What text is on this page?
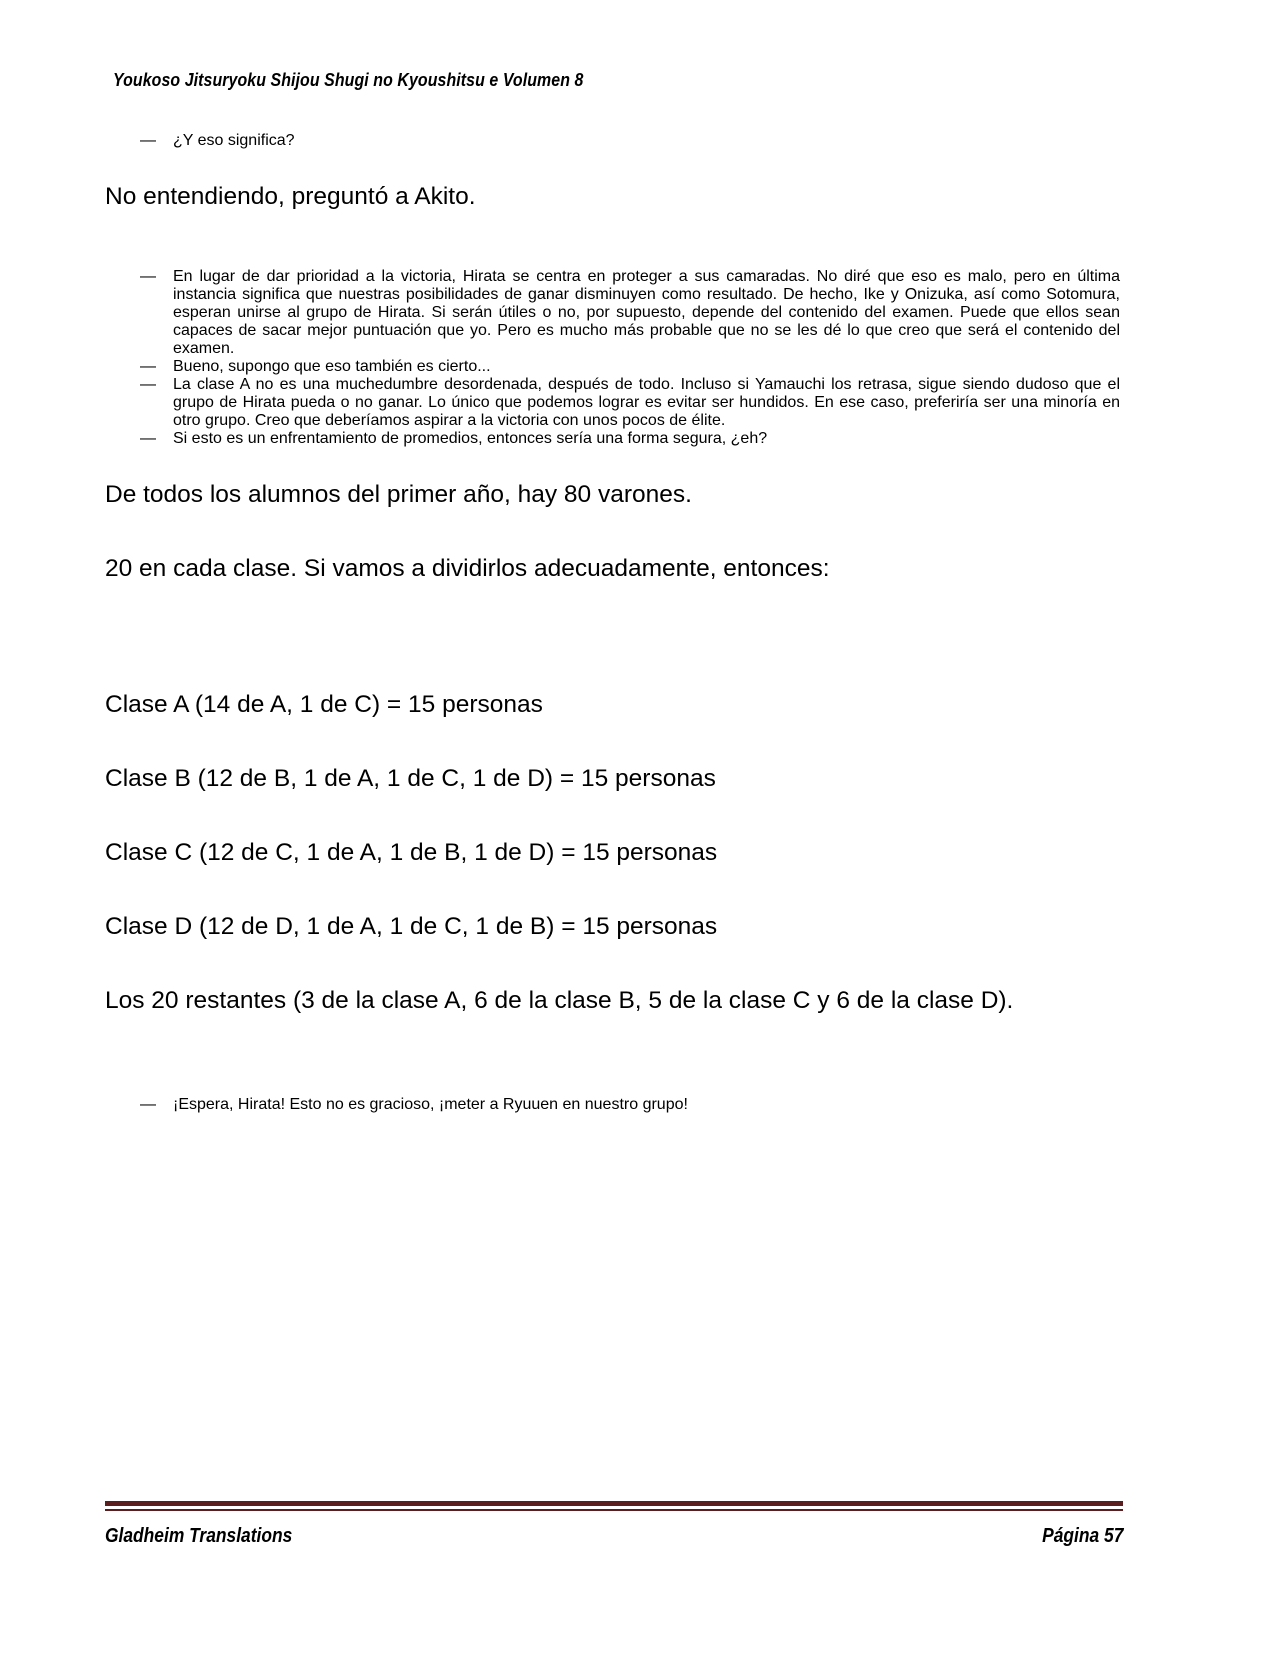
Youkoso Jitsuryoku Shijou Shugi no Kyoushitsu e Volumen 8
—	¿Y eso significa?

No entendiendo, preguntó a Akito.

—	En lugar de dar prioridad a la victoria, Hirata se centra en proteger a sus camaradas. No diré que eso es malo, pero en última instancia significa que nuestras posibilidades de ganar disminuyen como resultado. De hecho, Ike y Onizuka, así como Sotomura, esperan unirse al grupo de Hirata. Si serán útiles o no, por supuesto, depende del contenido del examen. Puede que ellos sean capaces de sacar mejor puntuación que yo. Pero es mucho más probable que no se les dé lo que creo que será el contenido del examen.
—	Bueno, supongo que eso también es cierto...
—	La clase A no es una muchedumbre desordenada, después de todo. Incluso si Yamauchi los retrasa, sigue siendo dudoso que el grupo de Hirata pueda o no ganar. Lo único que podemos lograr es evitar ser hundidos. En ese caso, preferiría ser una minoría en otro grupo. Creo que deberíamos aspirar a la victoria con unos pocos de élite.
—	Si esto es un enfrentamiento de promedios, entonces sería una forma segura, ¿eh?

De todos los alumnos del primer año, hay 80 varones.

20 en cada clase. Si vamos a dividirlos adecuadamente, entonces:

Clase A (14 de A, 1 de C) = 15 personas

Clase B (12 de B, 1 de A, 1 de C, 1 de D) = 15 personas

Clase C (12 de C, 1 de A, 1 de B, 1 de D) = 15 personas

Clase D (12 de D, 1 de A, 1 de C, 1 de B) = 15 personas

Los 20 restantes (3 de la clase A, 6 de la clase B, 5 de la clase C y 6 de la clase D).

—	¡Espera, Hirata! Esto no es gracioso, ¡meter a Ryuuen en nuestro grupo!
Gladheim Translations	Página 57
